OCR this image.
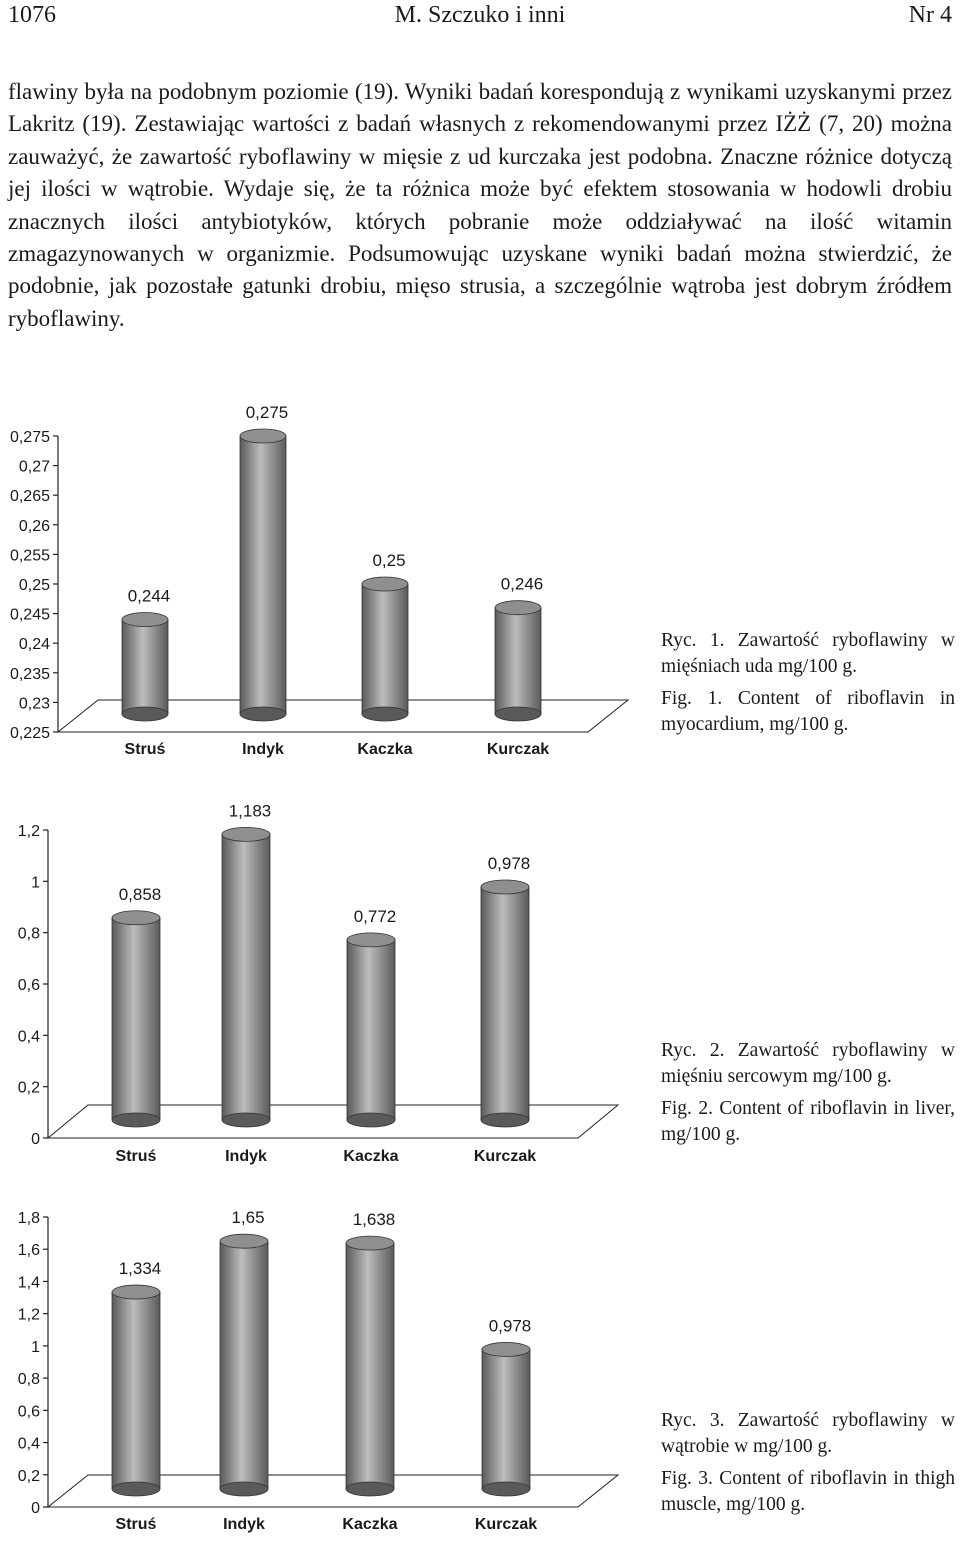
1076	M. Szczuko i inni	Nr 4

flawiny była na podobnym poziomie (19). Wyniki badań korespondują z wynikami uzyskanymi przez Lakritz (19). Zestawiając wartości z badań własnych z rekomendowanymi przez IŻŻ (7, 20) można zauważyć, że zawartość ryboflawiny w mięsie z ud kurczaka jest podobna. Znaczne różnice dotyczą jej ilości w wątrobie. Wydaje się, że ta różnica może być efektem stosowania w hodowli drobiu znacznych ilości antybiotyków, których pobranie może oddziaływać na ilość witamin zmagazynowanych w organizmie. Podsumowując uzyskane wyniki badań można stwierdzić, że podobnie, jak pozostałe gatunki drobiu, mięso strusia, a szczególnie wątroba jest dobrym źródłem ryboflawiny.

0,275
0,27
0,265
0,26
0,255
0,25
0,245
0,24
0,235
0,23
0,225
0,244
Struś
0,275
Indyk
0,25
Kaczka
0,246
Kurczak

Ryc. 1. Zawartość ryboflawiny w mięśniach uda mg/100 g.

Fig. 1. Content of riboflavin in myocardium, mg/100 g.

1,2
1
0,8
0,6
0,4
0,2
0
0,858
Struś
1,183
Indyk
0,772
Kaczka
0,978
Kurczak

Ryc. 2. Zawartość ryboflawiny w mięśniu sercowym mg/100 g.

Fig. 2. Content of riboflavin in liver, mg/100 g.

1,8
1,6
1,4
1,2
1
0,8
0,6
0,4
0,2
0
1,334
Struś
1,65
Indyk
1,638
Kaczka
0,978
Kurczak

Ryc. 3. Zawartość ryboflawiny w wątrobie w mg/100 g.

Fig. 3. Content of riboflavin in thigh muscle, mg/100 g.
